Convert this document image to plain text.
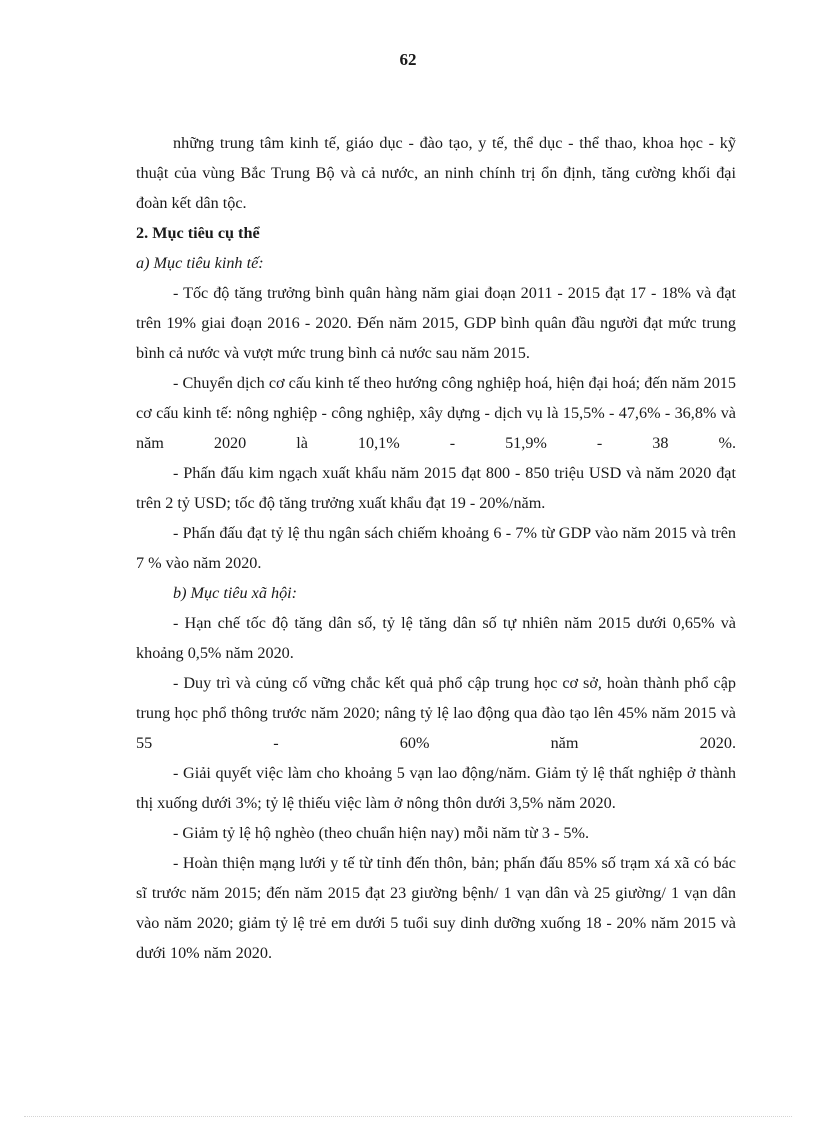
62

những trung tâm kinh tế, giáo dục - đào tạo, y tế, thể dục - thể thao, khoa học - kỹ thuật của vùng Bắc Trung Bộ và cả nước, an ninh chính trị ổn định, tăng cường khối đại đoàn kết dân tộc.

2. Mục tiêu cụ thể

a) Mục tiêu kinh tế:

- Tốc độ tăng trưởng bình quân hàng năm giai đoạn 2011 - 2015 đạt 17 - 18% và đạt trên 19% giai đoạn 2016 - 2020. Đến năm 2015, GDP bình quân đầu người đạt mức trung bình cả nước và vượt mức trung bình cả nước sau năm 2015.

- Chuyển dịch cơ cấu kinh tế theo hướng công nghiệp hoá, hiện đại hoá; đến năm 2015 cơ cấu kinh tế: nông nghiệp - công nghiệp, xây dựng - dịch vụ là 15,5% - 47,6% - 36,8% và năm 2020 là 10,1% - 51,9% - 38 %.

- Phấn đấu kim ngạch xuất khẩu năm 2015 đạt 800 - 850 triệu USD và năm 2020 đạt trên 2 tỷ USD; tốc độ tăng trưởng xuất khẩu đạt 19 - 20%/năm.

- Phấn đấu đạt tỷ lệ thu ngân sách chiếm khoảng 6 - 7% từ GDP vào năm 2015 và trên 7 % vào năm 2020.

b) Mục tiêu xã hội:

- Hạn chế tốc độ tăng dân số, tỷ lệ tăng dân số tự nhiên năm 2015 dưới 0,65% và khoảng 0,5% năm 2020.

- Duy trì và củng cố vững chắc kết quả phổ cập trung học cơ sở, hoàn thành phổ cập trung học phổ thông trước năm 2020; nâng tỷ lệ lao động qua đào tạo lên 45% năm 2015 và 55 - 60% năm 2020.

- Giải quyết việc làm cho khoảng 5 vạn lao động/năm. Giảm tỷ lệ thất nghiệp ở thành thị xuống dưới 3%; tỷ lệ thiếu việc làm ở nông thôn dưới 3,5% năm 2020.

- Giảm tỷ lệ hộ nghèo (theo chuẩn hiện nay) mỗi năm từ 3 - 5%.

- Hoàn thiện mạng lưới y tế từ tỉnh đến thôn, bản; phấn đấu 85% số trạm xá xã có bác sĩ trước năm 2015; đến năm 2015 đạt 23 giường bệnh/ 1 vạn dân và 25 giường/ 1 vạn dân vào năm 2020; giảm tỷ lệ trẻ em dưới 5 tuổi suy dinh dưỡng xuống 18 - 20% năm 2015 và dưới 10% năm 2020.
